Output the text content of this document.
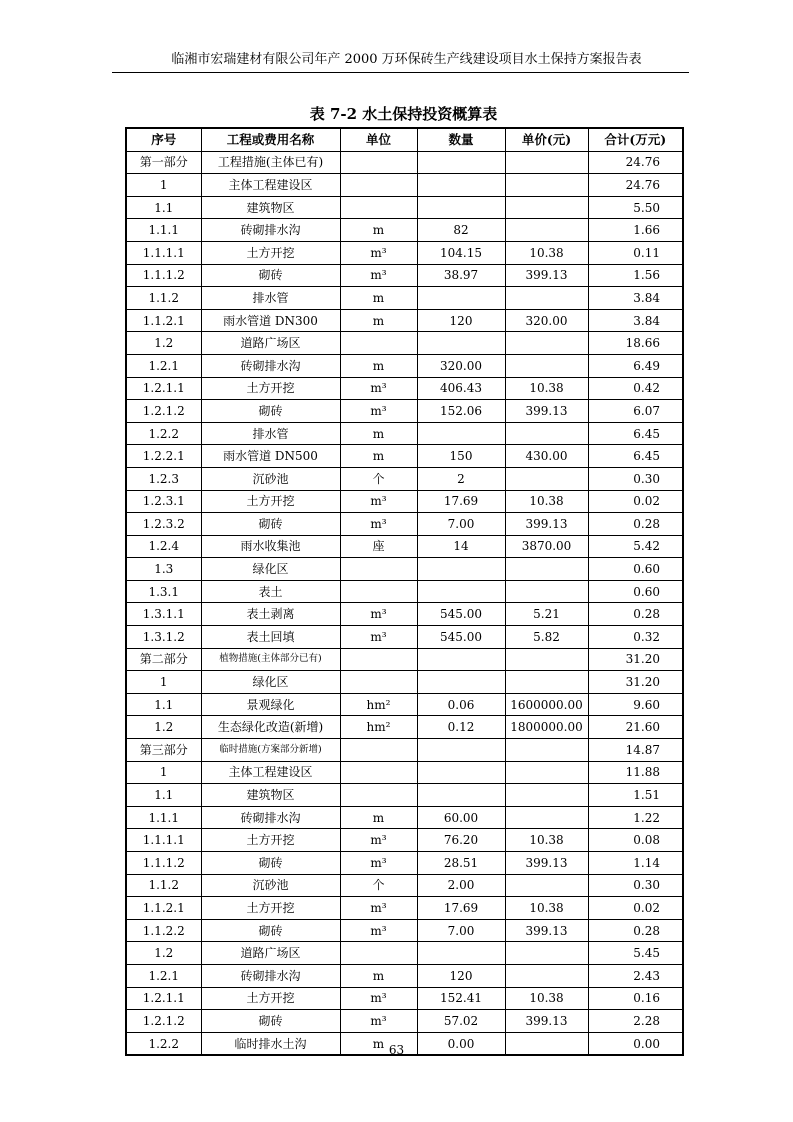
临湘市宏瑞建材有限公司年产 2000 万环保砖生产线建设项目水土保持方案报告表
表 7-2 水土保持投资概算表
序号	工程或费用名称	单位	数量	单价(元)	合计(万元)
第一部分	工程措施(主体已有)				24.76
1	主体工程建设区				24.76
1.1	建筑物区				5.50
1.1.1	砖砌排水沟	m	82		1.66
1.1.1.1	土方开挖	m³	104.15	10.38	0.11
1.1.1.2	砌砖	m³	38.97	399.13	1.56
1.1.2	排水管	m			3.84
1.1.2.1	雨水管道 DN300	m	120	320.00	3.84
1.2	道路广场区				18.66
1.2.1	砖砌排水沟	m	320.00		6.49
1.2.1.1	土方开挖	m³	406.43	10.38	0.42
1.2.1.2	砌砖	m³	152.06	399.13	6.07
1.2.2	排水管	m			6.45
1.2.2.1	雨水管道 DN500	m	150	430.00	6.45
1.2.3	沉砂池	个	2		0.30
1.2.3.1	土方开挖	m³	17.69	10.38	0.02
1.2.3.2	砌砖	m³	7.00	399.13	0.28
1.2.4	雨水收集池	座	14	3870.00	5.42
1.3	绿化区				0.60
1.3.1	表土				0.60
1.3.1.1	表土剥离	m³	545.00	5.21	0.28
1.3.1.2	表土回填	m³	545.00	5.82	0.32
第二部分	植物措施(主体部分已有)				31.20
1	绿化区				31.20
1.1	景观绿化	hm²	0.06	1600000.00	9.60
1.2	生态绿化改造(新增)	hm²	0.12	1800000.00	21.60
第三部分	临时措施(方案部分新增)				14.87
1	主体工程建设区				11.88
1.1	建筑物区				1.51
1.1.1	砖砌排水沟	m	60.00		1.22
1.1.1.1	土方开挖	m³	76.20	10.38	0.08
1.1.1.2	砌砖	m³	28.51	399.13	1.14
1.1.2	沉砂池	个	2.00		0.30
1.1.2.1	土方开挖	m³	17.69	10.38	0.02
1.1.2.2	砌砖	m³	7.00	399.13	0.28
1.2	道路广场区				5.45
1.2.1	砖砌排水沟	m	120		2.43
1.2.1.1	土方开挖	m³	152.41	10.38	0.16
1.2.1.2	砌砖	m³	57.02	399.13	2.28
1.2.2	临时排水土沟	m	0.00		0.00
63
